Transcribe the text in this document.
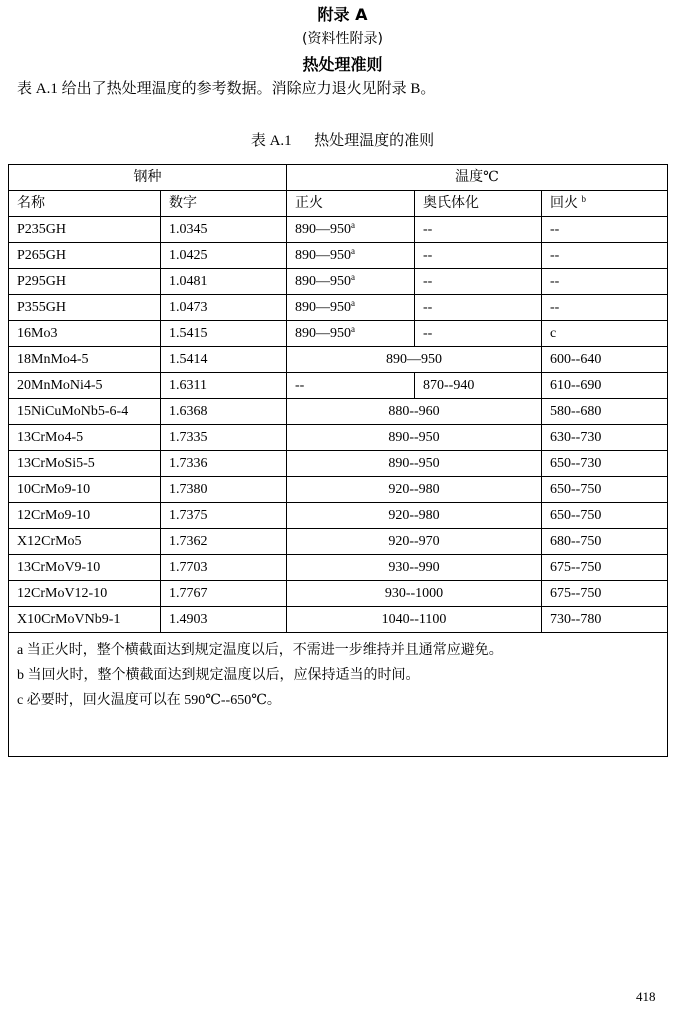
附录 A
(资料性附录)
热处理准则
表 A.1 给出了热处理温度的参考数据。消除应力退火见附录 B。
表 A.1      热处理温度的准则
钢种		温度℃		
名称	数字	正火	奥氏体化	回火 $^b$
P235GH	1.0345	890—950$^a$	--	--
P265GH	1.0425	890—950$^a$	--	--
P295GH	1.0481	890—950$^a$	--	--
P355GH	1.0473	890—950$^a$	--	--
16Mo3	1.5415	890—950$^a$	--	c
18MnMo4-5	1.5414	890—950		600--640
20MnMoNi4-5	1.6311	--	870--940	610--690
15NiCuMoNb5-6-4	1.6368	880--960		580--680
13CrMo4-5	1.7335	890--950		630--730
13CrMoSi5-5	1.7336	890--950		650--730
10CrMo9-10	1.7380	920--980		650--750
12CrMo9-10	1.7375	920--980		650--750
X12CrMo5	1.7362	920--970		680--750
13CrMoV9-10	1.7703	930--990		675--750
12CrMoV12-10	1.7767	930--1000		675--750
X10CrMoVNb9-1	1.4903	1040--1100		730--780

a 当正火时，整个横截面达到规定温度以后，不需进一步维持并且通常应避免。
b 当回火时，整个横截面达到规定温度以后，应保持适当的时间。
c 必要时，回火温度可以在 590℃--650℃。				
418
